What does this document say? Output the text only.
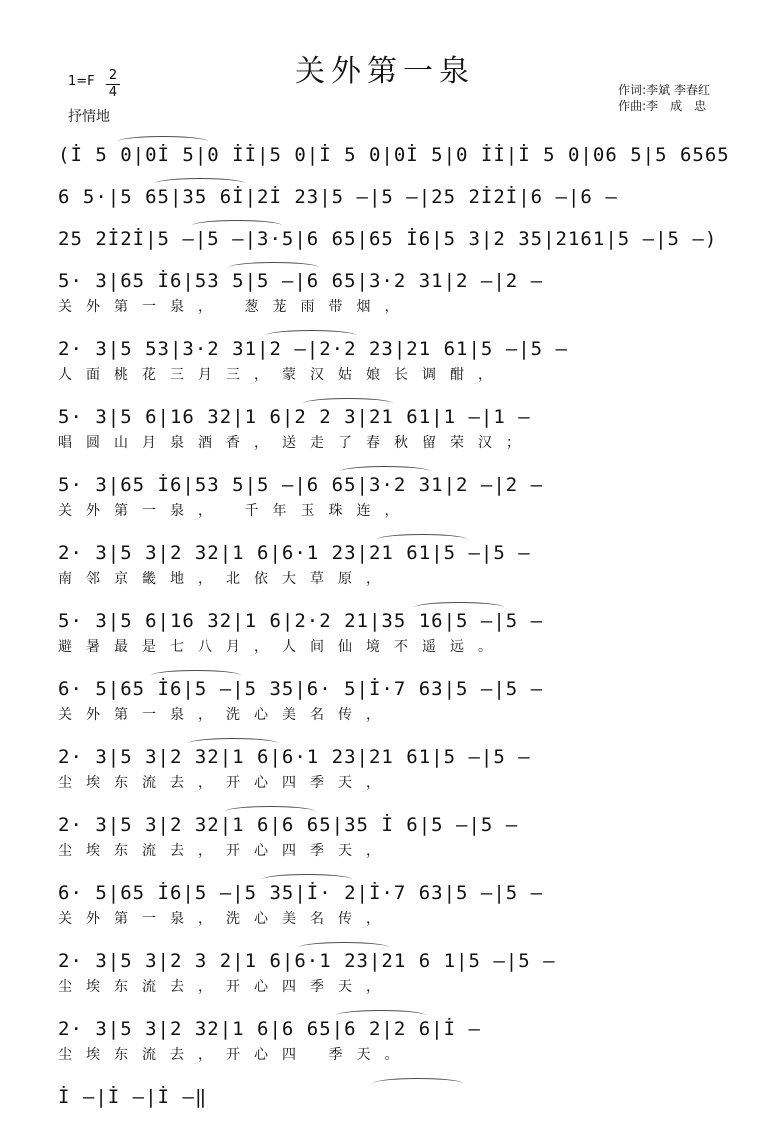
关外第一泉
1=F 2
4
抒情地
作词:李斌 李春红
作曲:李　成　忠
(İ 5 0|0İ 5|0 İİ|5 0|İ 5 0|0İ 5|0 İİ|İ 5 0|06 5|5 6565
6 5·|5 65|35 6İ|2İ 23|5 —|5 —|25 2İ2İ|6 —|6 —
25 2İ2İ|5 —|5 —|3·5|6 65|65 İ6|5 3|2 35|2161|5 —|5 —)
5· 3|65 İ6|53 5|5 —|6 65|3·2 31|2 —|2 —
关外第一泉， 葱茏雨带烟，
2· 3|5 53|3·2 31|2 —|2·2 23|21 61|5 —|5 —
人面桃花三月三，蒙汉姑娘长调酣，
5· 3|5 6|16 32|1 6|2 2 3|21 61|1 —|1 —
唱圆山月泉酒香，送走了春秋留荣汉；
5· 3|65 İ6|53 5|5 —|6 65|3·2 31|2 —|2 —
关外第一泉， 千年玉珠连，
2· 3|5 3|2 32|1 6|6·1 23|21 61|5 —|5 —
南邻京畿地，北依大草原，
5· 3|5 6|16 32|1 6|2·2 21|35 16|5 —|5 —
避暑最是七八月，人间仙境不遥远。
6· 5|65 İ6|5 —|5 35|6· 5|İ·7 63|5 —|5 —
关外第一泉，洗心美名传，
2· 3|5 3|2 32|1 6|6·1 23|21 61|5 —|5 —
尘埃东流去，开心四季天，
2· 3|5 3|2 32|1 6|6 65|35 İ 6|5 —|5 —
尘埃东流去，开心四季天，
6· 5|65 İ6|5 —|5 35|İ· 2|İ·7 63|5 —|5 —
关外第一泉，洗心美名传，
2· 3|5 3|2 3 2|1 6|6·1 23|21 6 1|5 —|5 —
尘埃东流去，开心四季天，
2· 3|5 3|2 32|1 6|6 65|6 2|2 6|İ —
尘埃东流去，开心四 季天。
İ —|İ —|İ —‖
